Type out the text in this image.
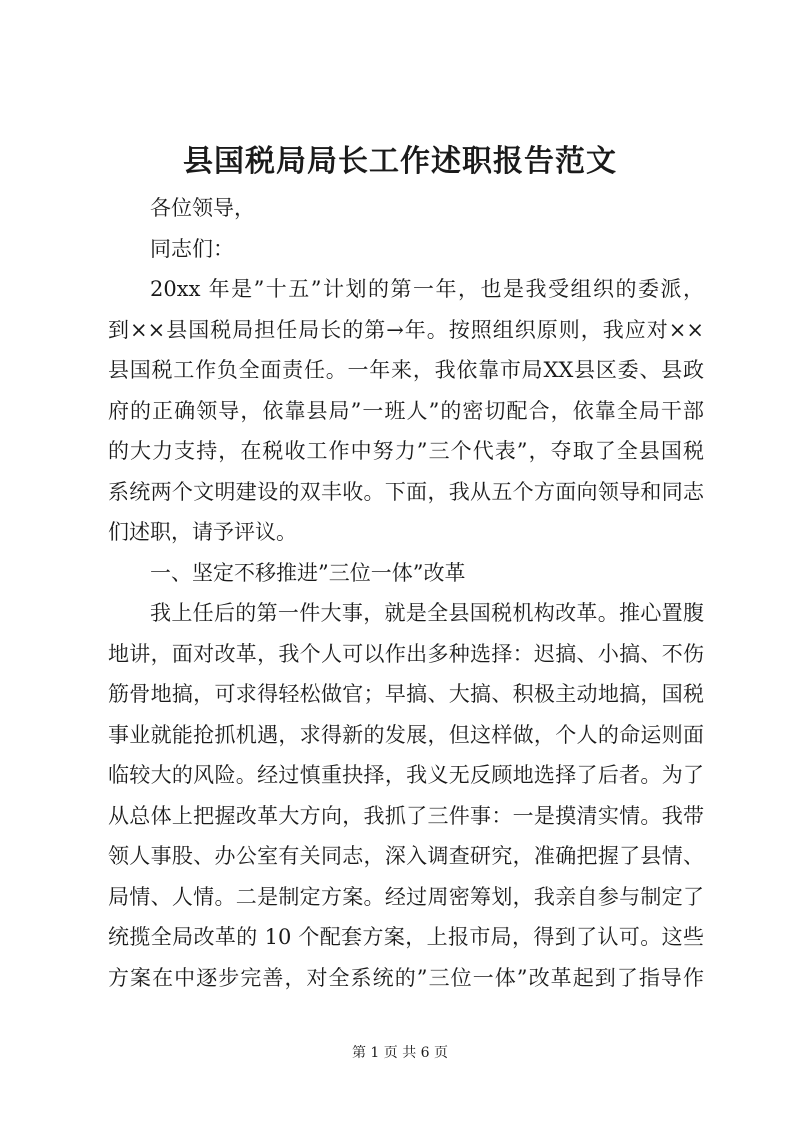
县国税局局长工作述职报告范文
各位领导，
同志们：
20xx 年是”十五”计划的第一年，也是我受组织的委派，
到××县国税局担任局长的第→年。按照组织原则，我应对××
县国税工作负全面责任。一年来，我依靠市局XX县区委、县政
府的正确领导，依靠县局”一班人”的密切配合，依靠全局干部
的大力支持，在税收工作中努力”三个代表”，夺取了全县国税
系统两个文明建设的双丰收。下面，我从五个方面向领导和同志
们述职，请予评议。
一、坚定不移推进”三位一体”改革
我上任后的第一件大事，就是全县国税机构改革。推心置腹
地讲，面对改革，我个人可以作出多种选择：迟搞、小搞、不伤
筋骨地搞，可求得轻松做官；早搞、大搞、积极主动地搞，国税
事业就能抢抓机遇，求得新的发展，但这样做，个人的命运则面
临较大的风险。经过慎重抉择，我义无反顾地选择了后者。为了
从总体上把握改革大方向，我抓了三件事：一是摸清实情。我带
领人事股、办公室有关同志，深入调查研究，准确把握了县情、
局情、人情。二是制定方案。经过周密筹划，我亲自参与制定了
统揽全局改革的 10 个配套方案，上报市局，得到了认可。这些
方案在中逐步完善，对全系统的”三位一体”改革起到了指导作
第 1 页 共 6 页
